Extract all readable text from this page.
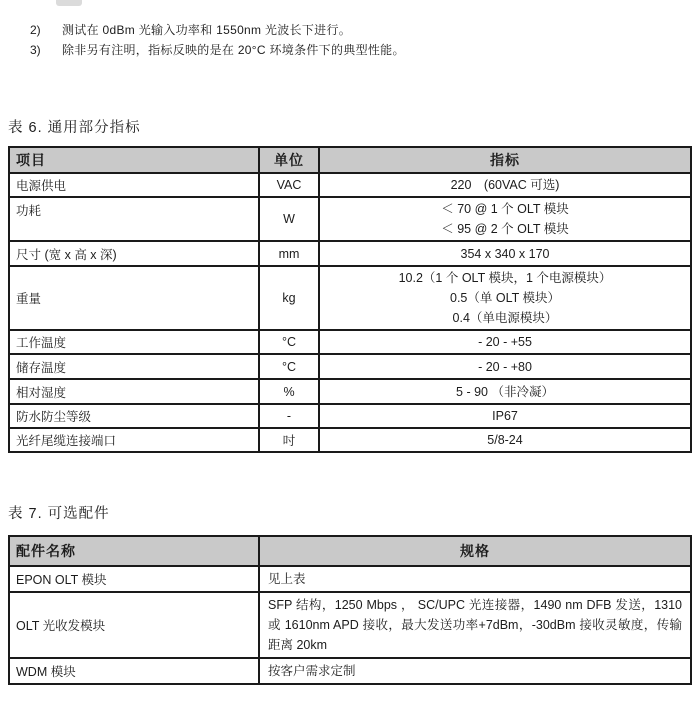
2)	测试在 0dBm 光输入功率和 1550nm 光波长下进行。
3)	除非另有注明，指标反映的是在 20°C 环境条件下的典型性能。
表 6. 通用部分指标
项目	单位	指标
电源供电	VAC	220　(60VAC 可选)
功耗	W	＜ 70 @ 1 个 OLT 模块
＜ 95 @ 2 个 OLT 模块

尺寸 (宽 x 高 x 深)	mm	354 x 340 x 170
重量	kg	10.2（1 个 OLT 模块，1 个电源模块）
0.5（单 OLT 模块）
0.4（单电源模块）

工作温度	°C	- 20 - +55
储存温度	°C	- 20 - +80
相对湿度	%	5 - 90 （非冷凝）
防水防尘等级	-	IP67
光纤尾缆连接端口	吋	5/8-24
表 7. 可选配件
配件名称	规格
EPON OLT 模块	见上表
OLT 光收发模块	SFP 结构，1250 Mbps ， SC/UPC 光连接器，1490 nm DFB 发送，1310 或 1610nm APD 接收，最大发送功率+7dBm，-30dBm 接收灵敏度，传输距离 20km
WDM 模块	按客户需求定制
